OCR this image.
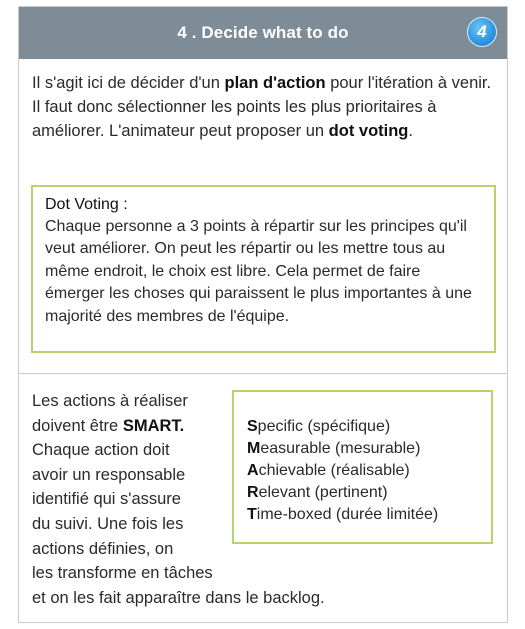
4 . Decide what to do	4
Il s'agit ici de décider d'un plan d'action pour l'itération à venir. Il faut donc sélectionner les points les plus prioritaires à améliorer. L'animateur peut proposer un dot voting.
Dot Voting :
Chaque personne a 3 points à répartir sur les principes qu'il veut améliorer. On peut les répartir ou les mettre tous au même endroit, le choix est libre. Cela permet de faire émerger les choses qui paraissent le plus importantes à une majorité des membres de l'équipe.
Les actions à réaliser
doivent être SMART.
Chaque action doit
avoir un responsable
identifié qui s'assure
du suivi. Une fois les
actions définies, on
les transforme en tâches
et on les fait apparaître dans le backlog.
Specific (spécifique)
Measurable (mesurable)
Achievable (réalisable)
Relevant (pertinent)
Time-boxed (durée limitée)
